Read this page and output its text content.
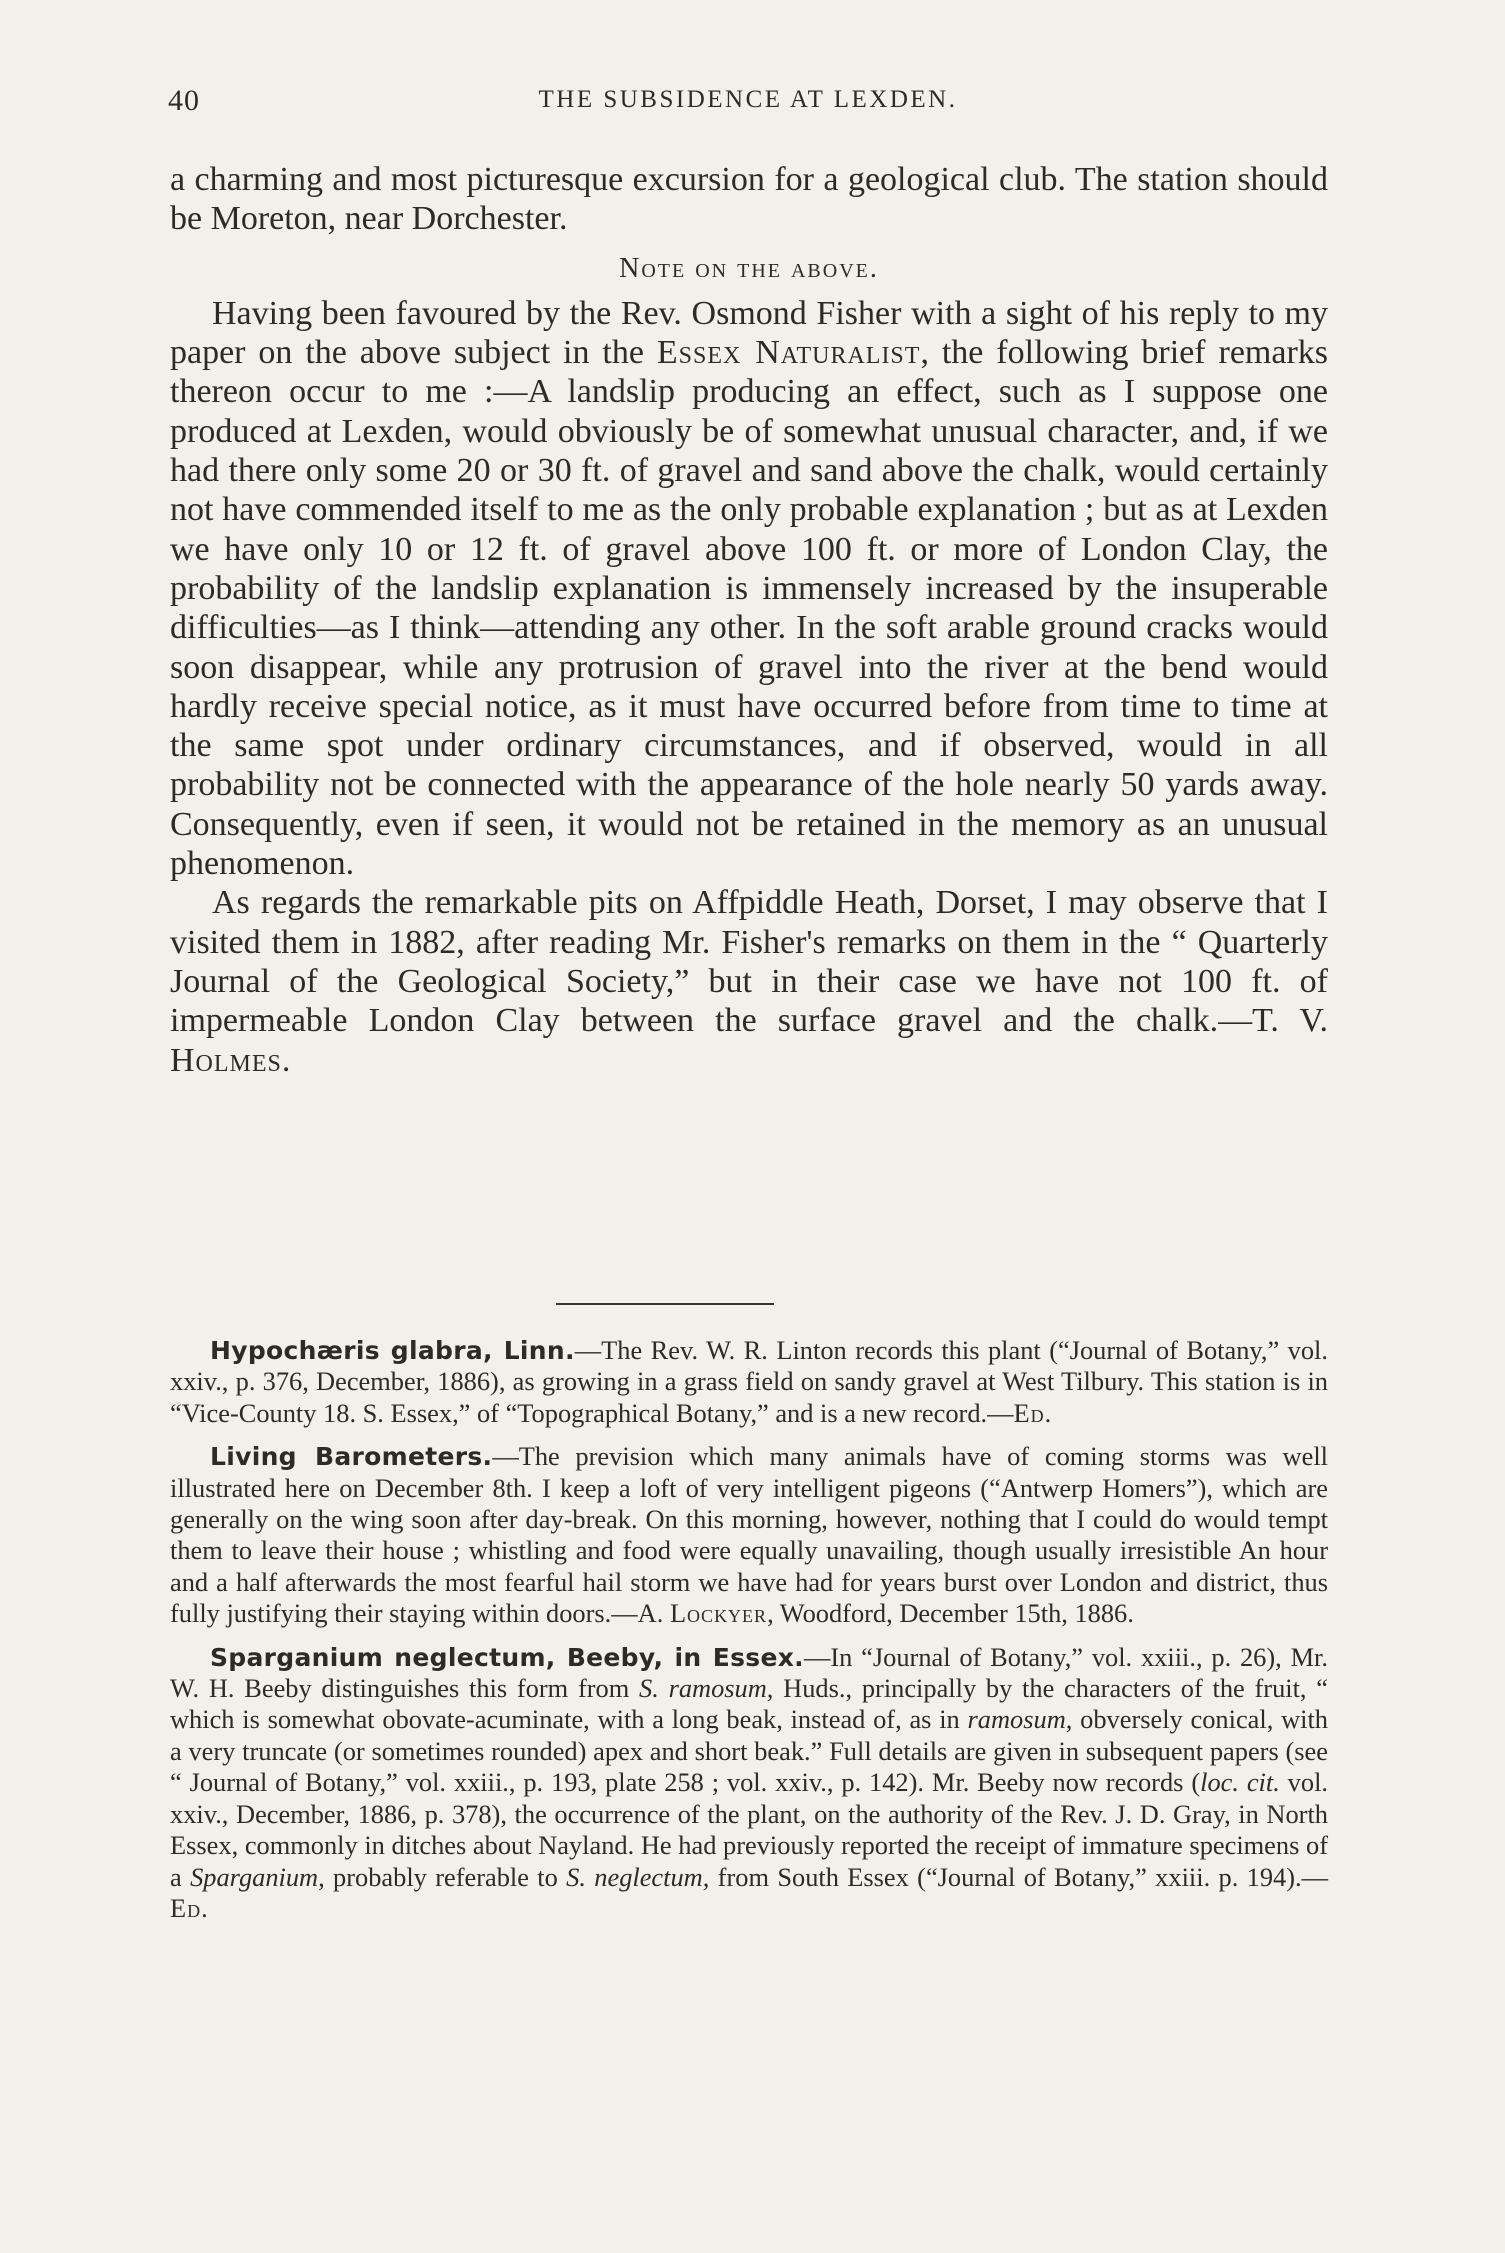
40	THE SUBSIDENCE AT LEXDEN.

a charming and most picturesque excursion for a geological club. The station should be Moreton, near Dorchester.

Note on the above.

Having been favoured by the Rev. Osmond Fisher with a sight of his reply to my paper on the above subject in the Essex Naturalist, the following brief remarks thereon occur to me :—A landslip producing an effect, such as I suppose one produced at Lexden, would obviously be of somewhat unusual character, and, if we had there only some 20 or 30 ft. of gravel and sand above the chalk, would certainly not have commended itself to me as the only probable explanation ; but as at Lexden we have only 10 or 12 ft. of gravel above 100 ft. or more of London Clay, the probability of the landslip explanation is immensely increased by the insuperable difficulties—as I think—attending any other. In the soft arable ground cracks would soon disappear, while any protrusion of gravel into the river at the bend would hardly receive special notice, as it must have occurred before from time to time at the same spot under ordinary circumstances, and if observed, would in all probability not be connected with the appearance of the hole nearly 50 yards away. Consequently, even if seen, it would not be retained in the memory as an unusual phenomenon.

As regards the remarkable pits on Affpiddle Heath, Dorset, I may observe that I visited them in 1882, after reading Mr. Fisher's remarks on them in the “ Quarterly Journal of the Geological Society,” but in their case we have not 100 ft. of impermeable London Clay between the surface gravel and the chalk.—T. V. Holmes.

Hypochæris glabra, Linn.—The Rev. W. R. Linton records this plant (“Journal of Botany,” vol. xxiv., p. 376, December, 1886), as growing in a grass field on sandy gravel at West Tilbury. This station is in “Vice-County 18. S. Essex,” of “Topographical Botany,” and is a new record.—Ed.

Living Barometers.—The prevision which many animals have of coming storms was well illustrated here on December 8th. I keep a loft of very intelligent pigeons (“Antwerp Homers”), which are generally on the wing soon after day-break. On this morning, however, nothing that I could do would tempt them to leave their house ; whistling and food were equally unavailing, though usually irresistible An hour and a half afterwards the most fearful hail storm we have had for years burst over London and district, thus fully justifying their staying within doors.—A. Lockyer, Woodford, December 15th, 1886.

Sparganium neglectum, Beeby, in Essex.—In “Journal of Botany,” vol. xxiii., p. 26), Mr. W. H. Beeby distinguishes this form from S. ramosum, Huds., principally by the characters of the fruit, “ which is somewhat obovate-acuminate, with a long beak, instead of, as in ramosum, obversely conical, with a very truncate (or sometimes rounded) apex and short beak.” Full details are given in subsequent papers (see “ Journal of Botany,” vol. xxiii., p. 193, plate 258 ; vol. xxiv., p. 142). Mr. Beeby now records (loc. cit. vol. xxiv., December, 1886, p. 378), the occurrence of the plant, on the authority of the Rev. J. D. Gray, in North Essex, commonly in ditches about Nayland. He had previously reported the receipt of immature specimens of a Sparganium, probably referable to S. neglectum, from South Essex (“Journal of Botany,” xxiii. p. 194).—Ed.
